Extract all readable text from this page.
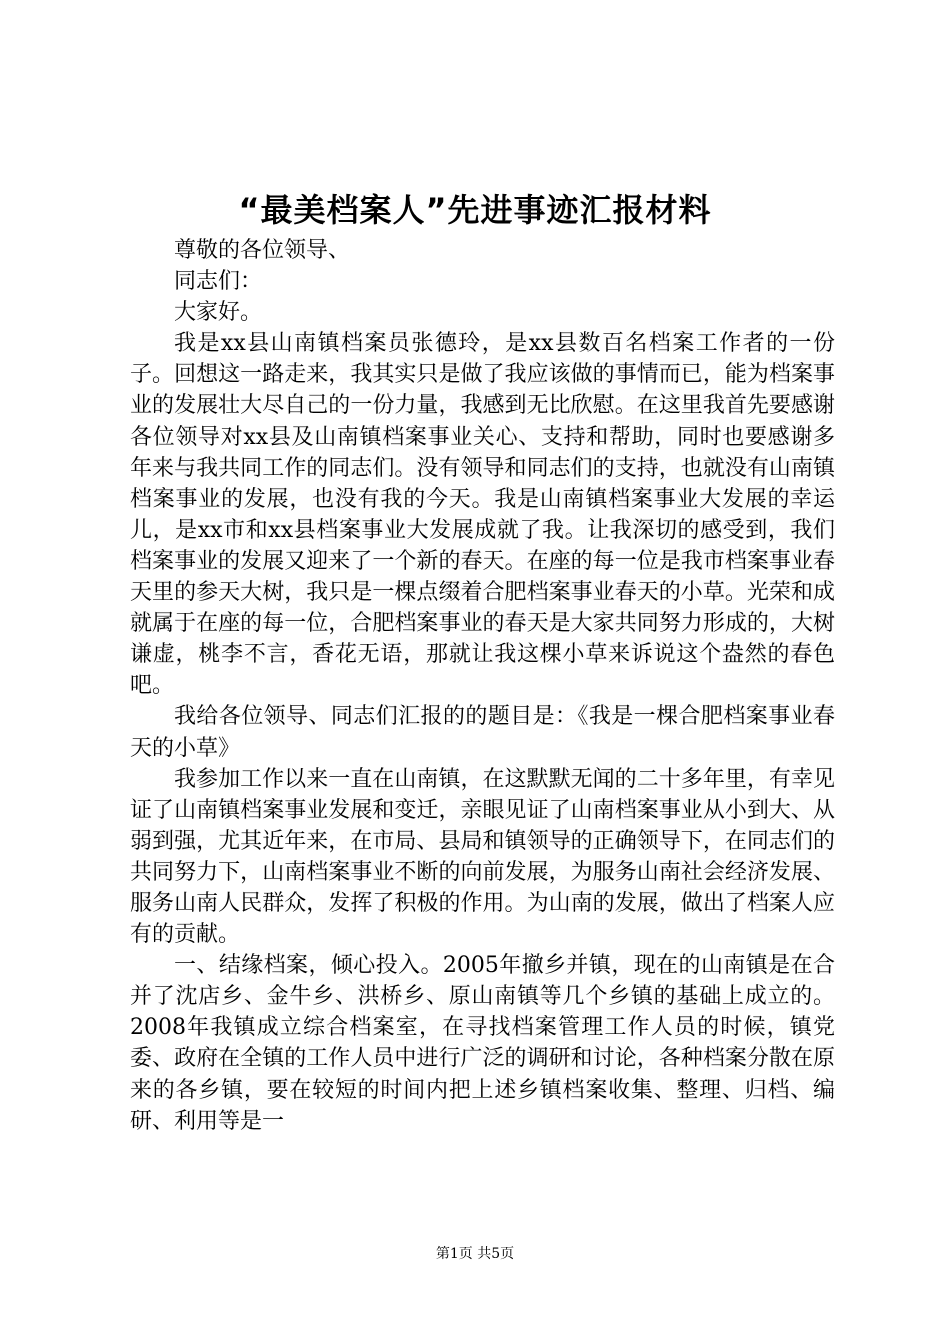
“最美档案人”先进事迹汇报材料

尊敬的各位领导、

同志们：

大家好。

我是xx县山南镇档案员张德玲，是xx县数百名档案工作者的一份子。回想这一路走来，我其实只是做了我应该做的事情而已，能为档案事业的发展壮大尽自己的一份力量，我感到无比欣慰。在这里我首先要感谢各位领导对xx县及山南镇档案事业关心、支持和帮助，同时也要感谢多年来与我共同工作的同志们。没有领导和同志们的支持，也就没有山南镇档案事业的发展，也没有我的今天。我是山南镇档案事业大发展的幸运儿，是xx市和xx县档案事业大发展成就了我。让我深切的感受到，我们档案事业的发展又迎来了一个新的春天。在座的每一位是我市档案事业春天里的参天大树，我只是一棵点缀着合肥档案事业春天的小草。光荣和成就属于在座的每一位，合肥档案事业的春天是大家共同努力形成的，大树谦虚，桃李不言，香花无语，那就让我这棵小草来诉说这个盎然的春色吧。

我给各位领导、同志们汇报的的题目是：《我是一棵合肥档案事业春天的小草》

我参加工作以来一直在山南镇，在这默默无闻的二十多年里，有幸见证了山南镇档案事业发展和变迁，亲眼见证了山南档案事业从小到大、从弱到强，尤其近年来，在市局、县局和镇领导的正确领导下，在同志们的共同努力下，山南档案事业不断的向前发展，为服务山南社会经济发展、服务山南人民群众，发挥了积极的作用。为山南的发展，做出了档案人应有的贡献。

一、结缘档案，倾心投入。2005年撤乡并镇，现在的山南镇是在合并了沈店乡、金牛乡、洪桥乡、原山南镇等几个乡镇的基础上成立的。2008年我镇成立综合档案室，在寻找档案管理工作人员的时候，镇党委、政府在全镇的工作人员中进行广泛的调研和讨论，各种档案分散在原来的各乡镇，要在较短的时间内把上述乡镇档案收集、整理、归档、编研、利用等是一

第1页 共5页
